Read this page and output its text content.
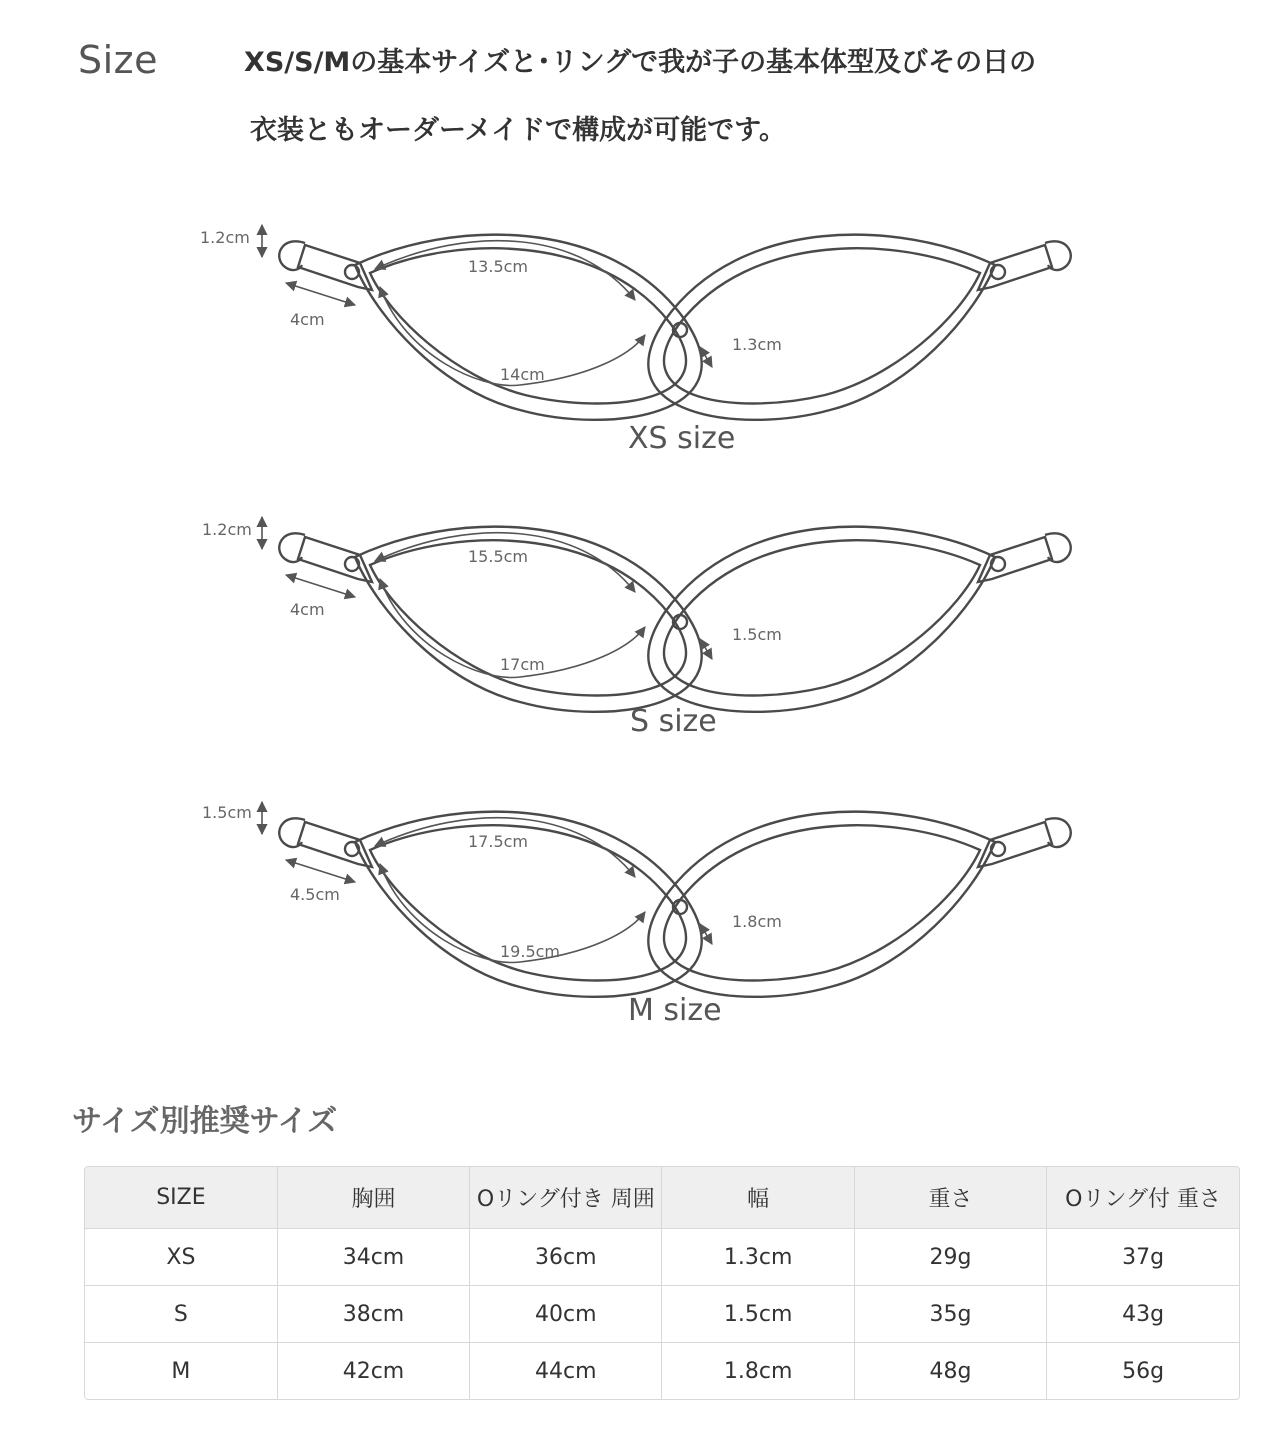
Size	XS/S/Mの基本サイズと･リングで我が子の基本体型及びその日の
衣装ともオーダーメイドで構成が可能です。
1.2cm
4cm
13.5cm
14cm
1.3cm
XS size
1.2cm
4cm
15.5cm
17cm
1.5cm
S size
1.5cm
4.5cm
17.5cm
19.5cm
1.8cm
M size
サイズ別推奨サイズ
SIZE	胸囲	Oリング付き 周囲	幅	重さ	Oリング付 重さ
XS	34cm	36cm	1.3cm	29g	37g
S	38cm	40cm	1.5cm	35g	43g
M	42cm	44cm	1.8cm	48g	56g
